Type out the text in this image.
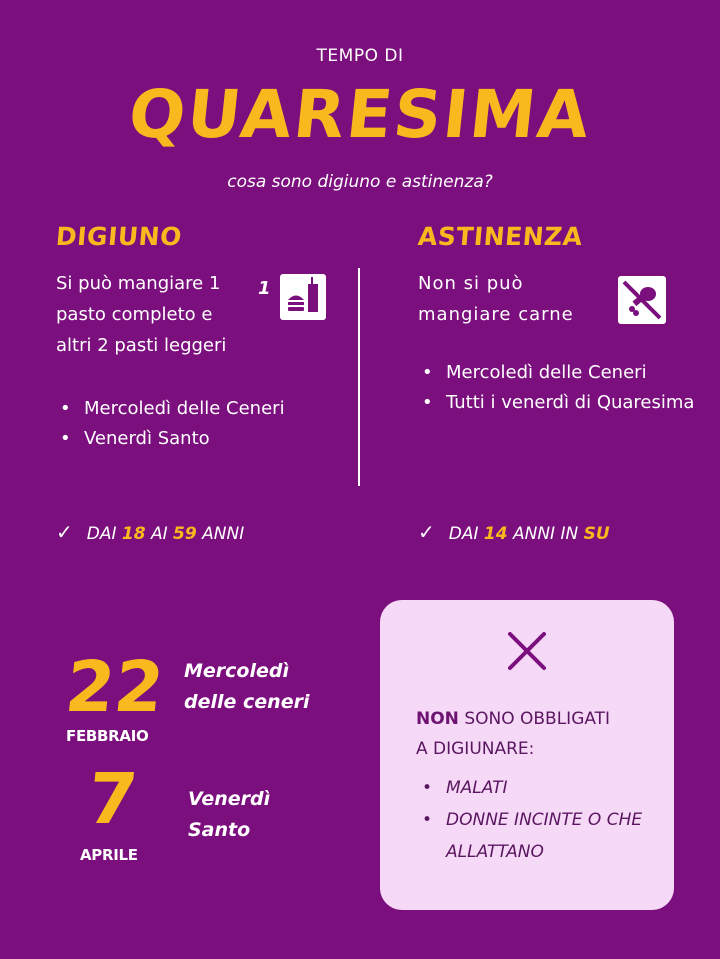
TEMPO DI
QUARESIMA
cosa sono digiuno e astinenza?
DIGIUNO
Si può mangiare 1
pasto completo e
altri 2 pasti leggeri
1
• Mercoledì delle Ceneri
• Venerdì Santo
✓ DAI 18 AI 59 ANNI
ASTINENZA
Non si può
mangiare carne
• Mercoledì delle Ceneri
• Tutti i venerdì di Quaresima
✓ DAI 14 ANNI IN SU
22
FEBBRAIO
Mercoledì
delle ceneri
7
APRILE
Venerdì
Santo
NON SONO OBBLIGATI
A DIGIUNARE:
• MALATI
• DONNE INCINTE O CHE ALLATTANO
